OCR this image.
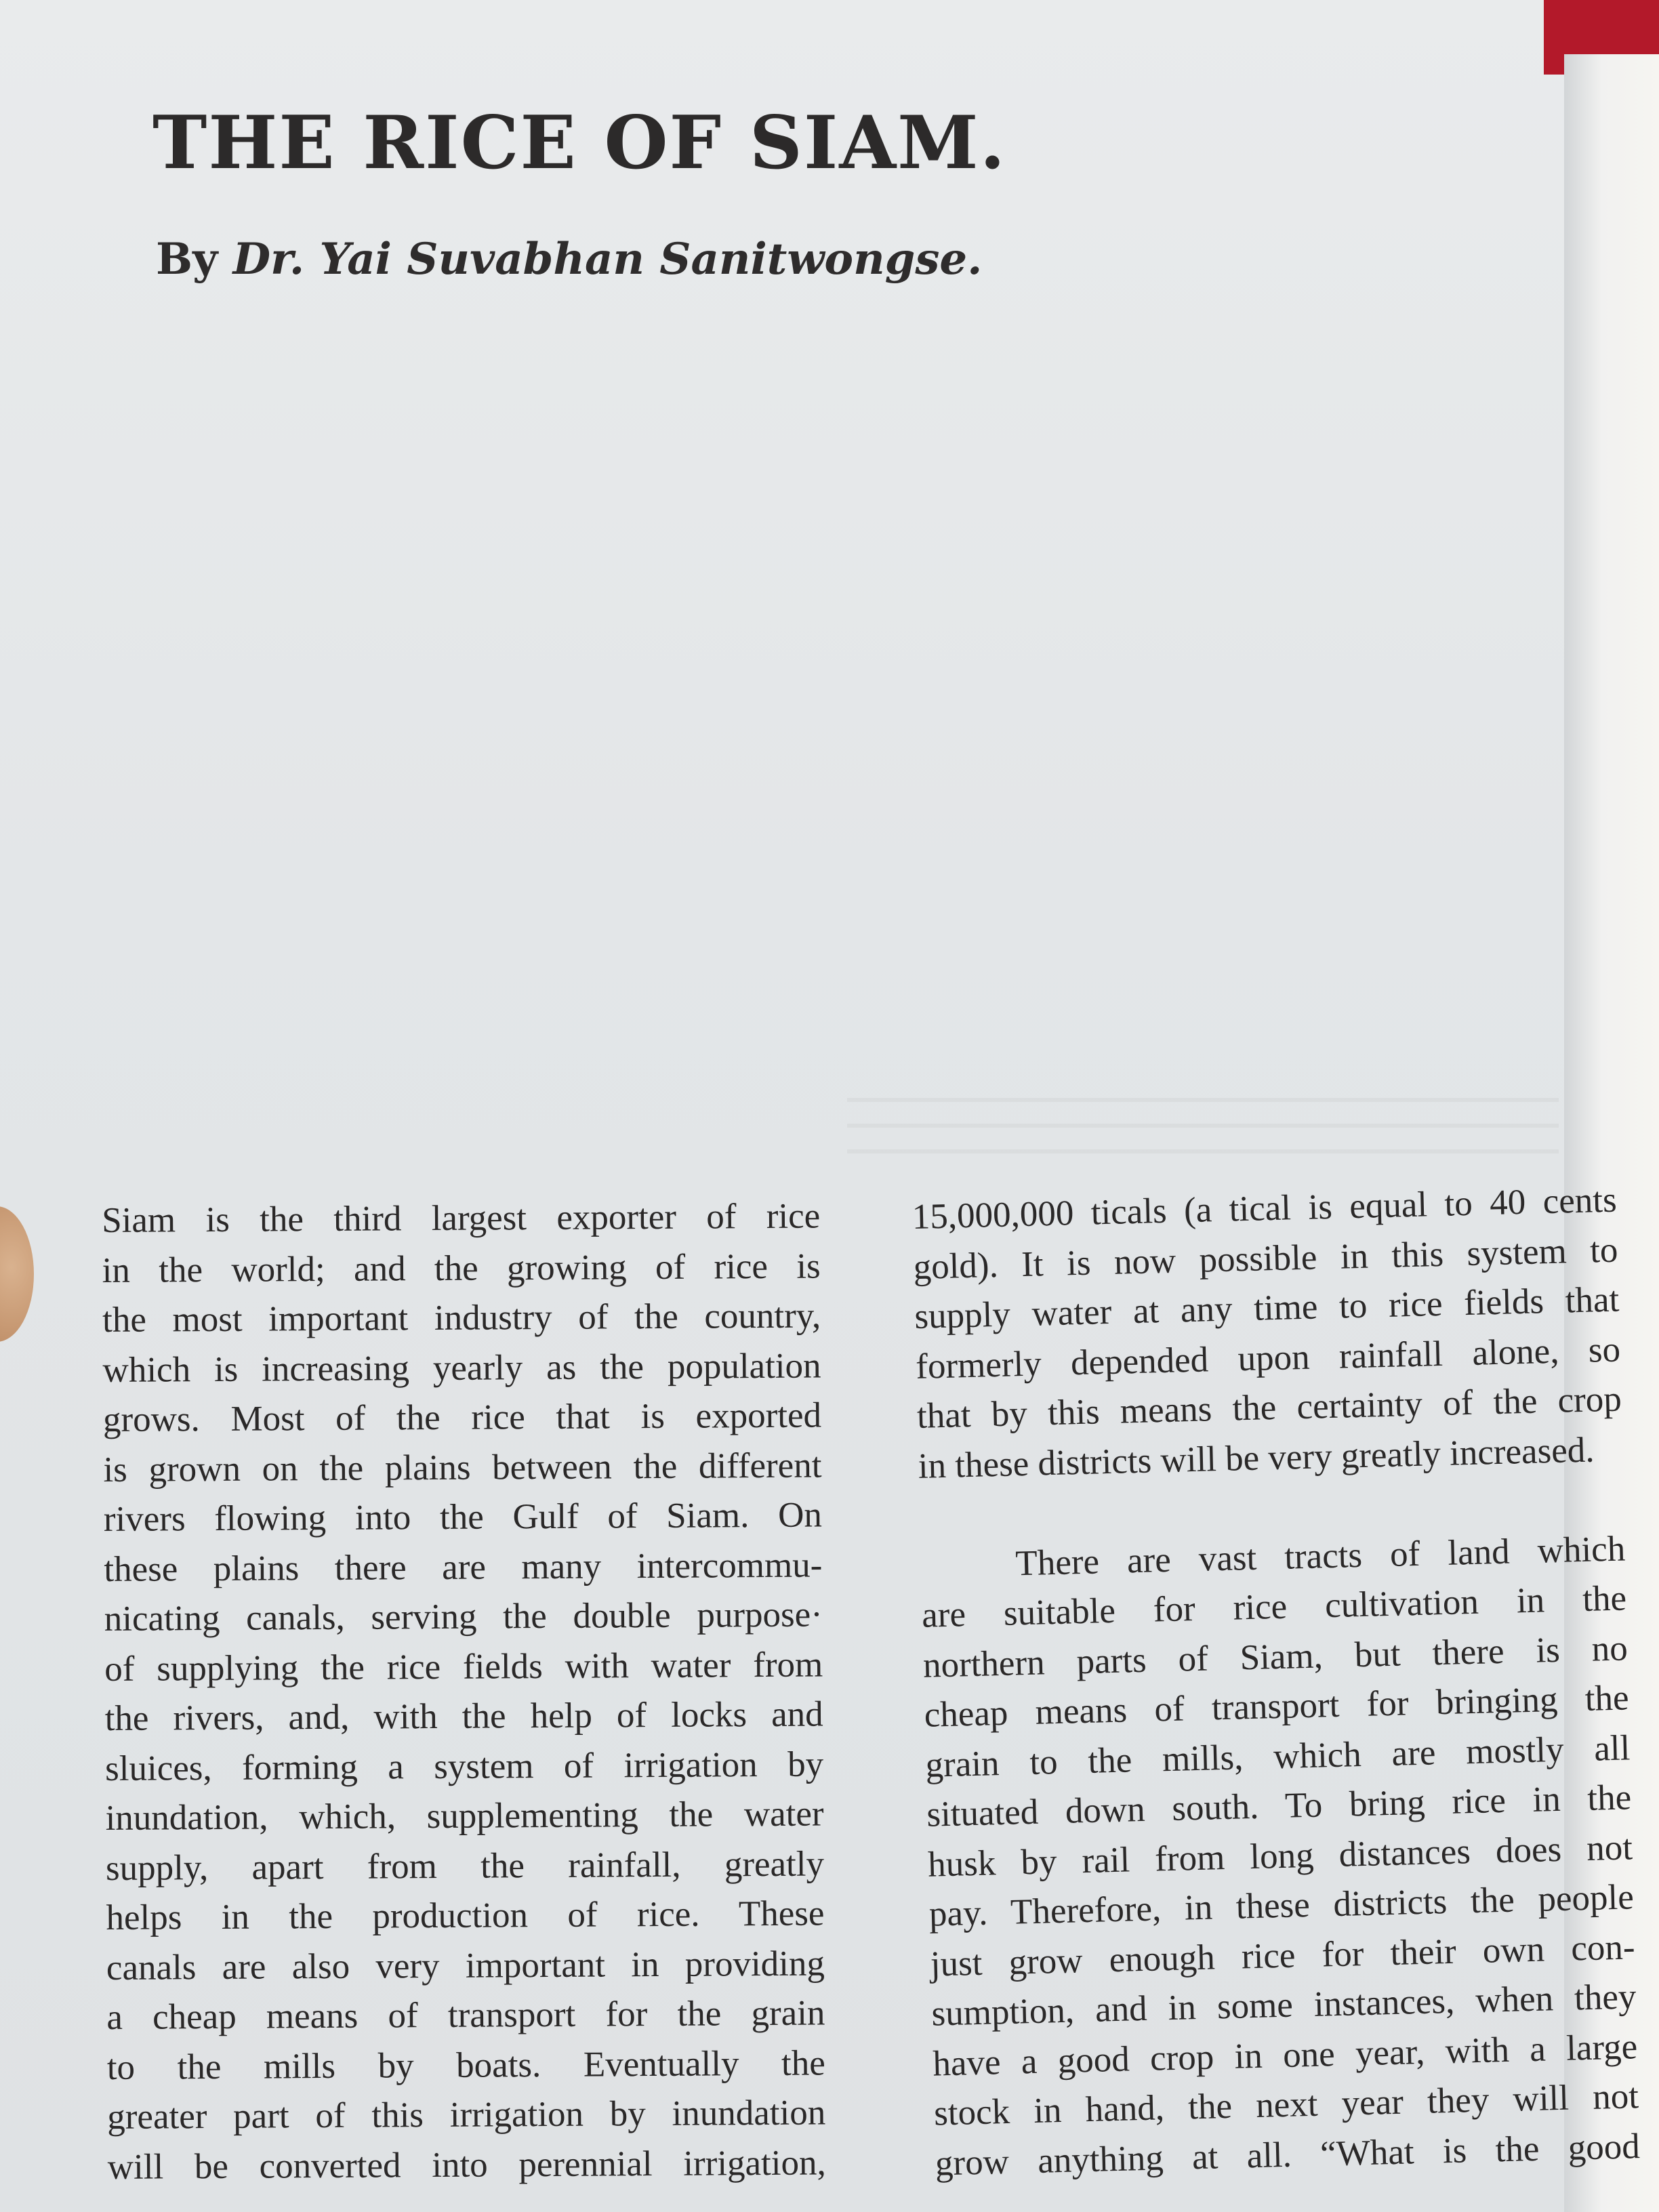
THE RICE OF SIAM.

By Dr. Yai Suvabhan Sanitwongse.

Siam is the third largest exporter of rice
in the world; and the growing of rice is
the most important industry of the country,
which is increasing yearly as the population
grows. Most of the rice that is exported
is grown on the plains between the different
rivers flowing into the Gulf of Siam. On
these plains there are many intercommu-
nicating canals, serving the double purpose·
of supplying the rice fields with water from
the rivers, and, with the help of locks and
sluices, forming a system of irrigation by
inundation, which, supplementing the water
supply, apart from the rainfall, greatly
helps in the production of rice. These
canals are also very important in providing
a cheap means of transport for the grain
to the mills by boats. Eventually the
greater part of this irrigation by inundation
will be converted into perennial irrigation,
15,000,000 ticals (a tical is equal to 40 cents
gold). It is now possible in this system to
supply water at any time to rice fields that
formerly depended upon rainfall alone, so
that by this means the certainty of the crop
in these districts will be very greatly increased.
There are vast tracts of land which
are suitable for rice cultivation in the
northern parts of Siam, but there is no
cheap means of transport for bringing the
grain to the mills, which are mostly all
situated down south. To bring rice in the
husk by rail from long distances does not
pay. Therefore, in these districts the people
just grow enough rice for their own con-
sumption, and in some instances, when they
have a good crop in one year, with a large
stock in hand, the next year they will not
grow anything at all. “What is the good
